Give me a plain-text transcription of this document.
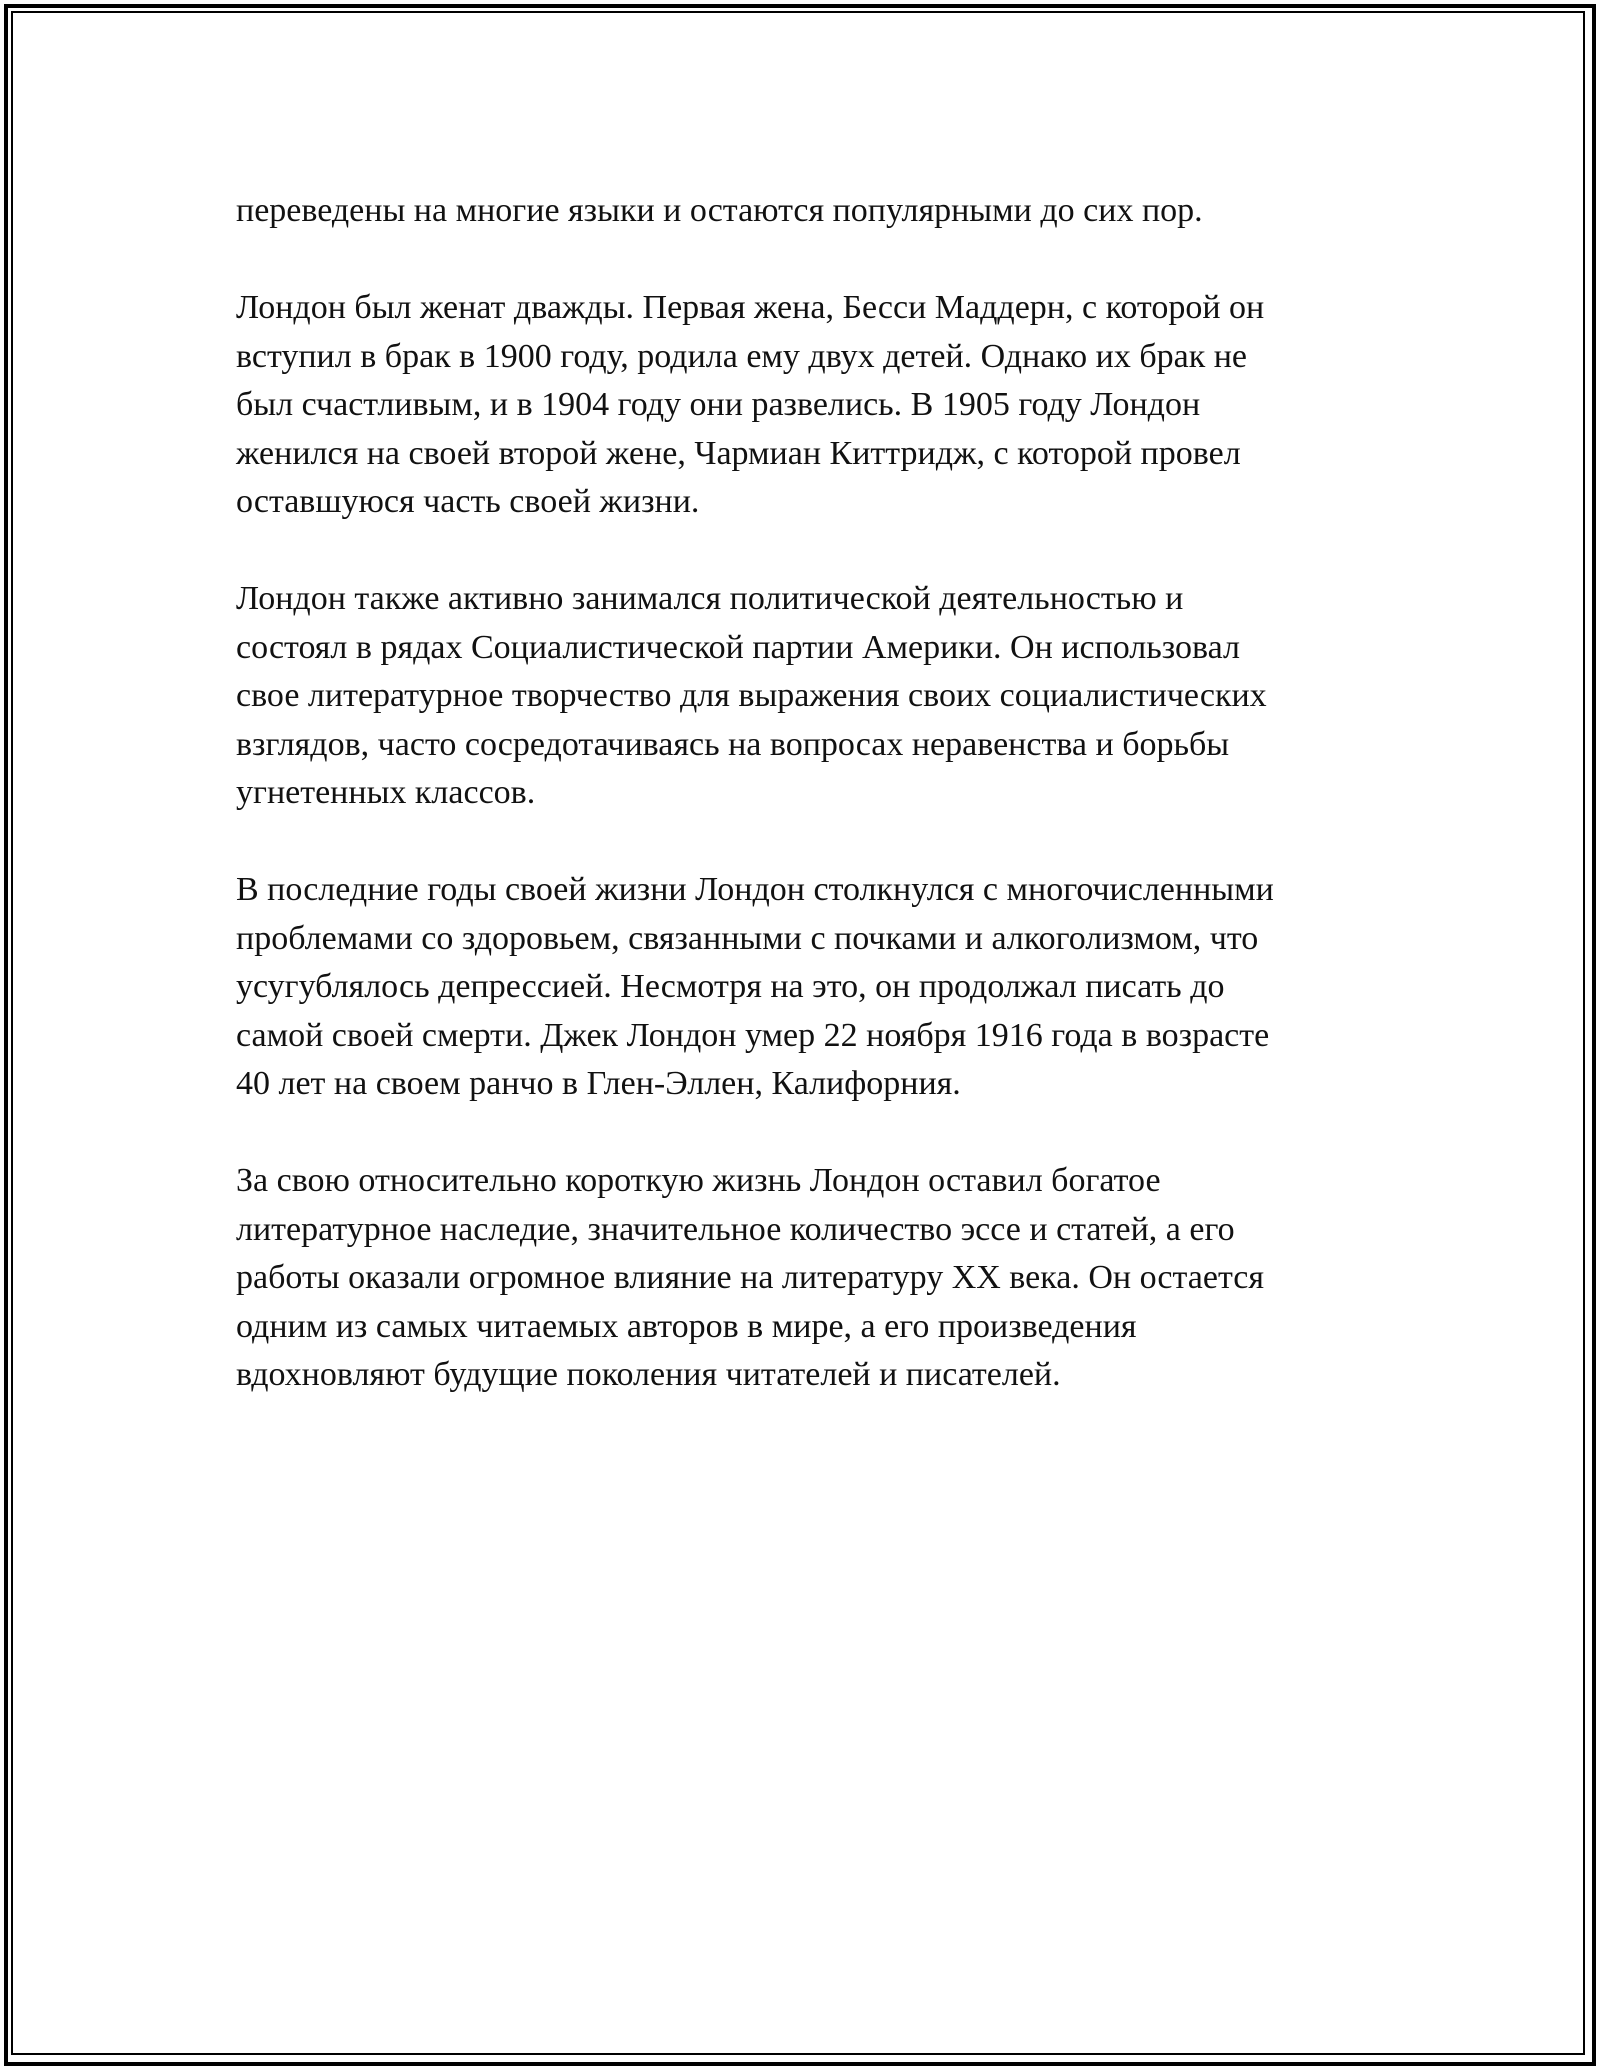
переведены на многие языки и остаются популярными до сих пор.

Лондон был женат дважды. Первая жена, Бесси Маддерн, с которой он
вступил в брак в 1900 году, родила ему двух детей. Однако их брак не
был счастливым, и в 1904 году они развелись. В 1905 году Лондон
женился на своей второй жене, Чармиан Киттридж, с которой провел
оставшуюся часть своей жизни.

Лондон также активно занимался политической деятельностью и
состоял в рядах Социалистической партии Америки. Он использовал
свое литературное творчество для выражения своих социалистических
взглядов, часто сосредотачиваясь на вопросах неравенства и борьбы
угнетенных классов.

В последние годы своей жизни Лондон столкнулся с многочисленными
проблемами со здоровьем, связанными с почками и алкоголизмом, что
усугублялось депрессией. Несмотря на это, он продолжал писать до
самой своей смерти. Джек Лондон умер 22 ноября 1916 года в возрасте
40 лет на своем ранчо в Глен-Эллен, Калифорния.

За свою относительно короткую жизнь Лондон оставил богатое
литературное наследие, значительное количество эссе и статей, а его
работы оказали огромное влияние на литературу XX века. Он остается
одним из самых читаемых авторов в мире, а его произведения
вдохновляют будущие поколения читателей и писателей.
